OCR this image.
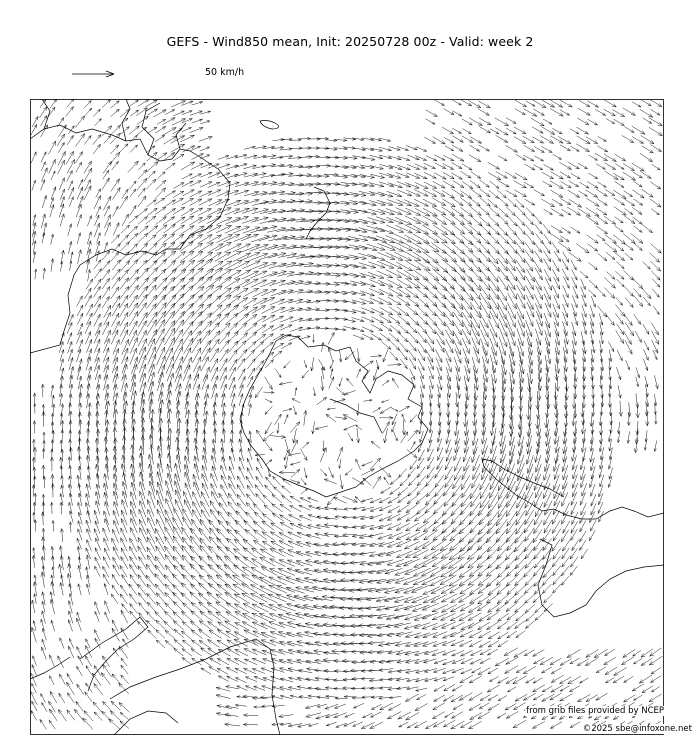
GEFS - Wind850 mean, Init: 20250728 00z - Valid: week 2
50 km/h
from grib files provided by NCEP
©2025 sbe@infoxone.net
